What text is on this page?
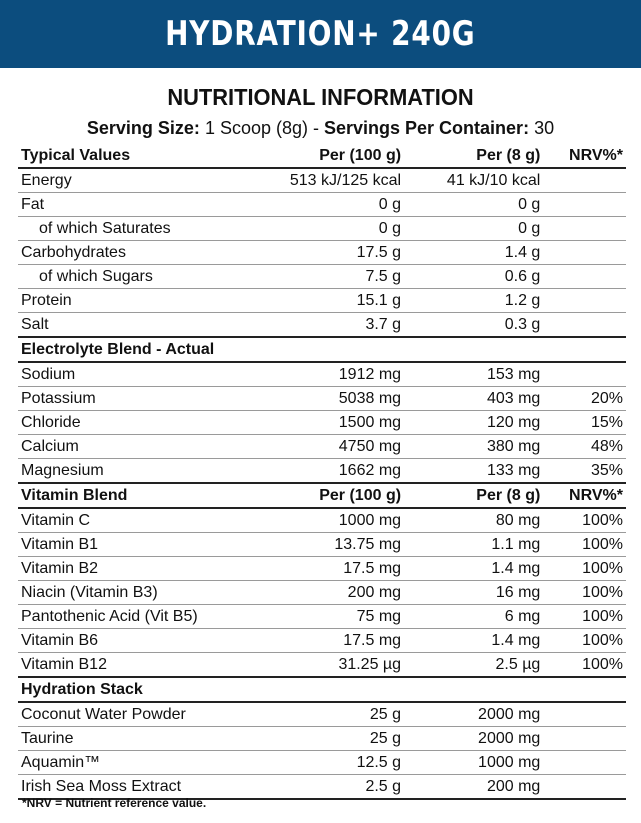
HYDRATION+ 240G
NUTRITIONAL INFORMATION
Serving Size: 1 Scoop (8g) - Servings Per Container: 30
Typical Values	Per (100 g)	Per (8 g)	NRV%*
Energy	513 kJ/125 kcal	41 kJ/10 kcal	
Fat	0 g	0 g	
of which Saturates	0 g	0 g	
Carbohydrates	17.5 g	1.4 g	
of which Sugars	7.5 g	0.6 g	
Protein	15.1 g	1.2 g	
Salt	3.7 g	0.3 g	
Electrolyte Blend - Actual			
Sodium	1912 mg	153 mg	
Potassium	5038 mg	403 mg	20%
Chloride	1500 mg	120 mg	15%
Calcium	4750 mg	380 mg	48%
Magnesium	1662 mg	133 mg	35%
Vitamin Blend	Per (100 g)	Per (8 g)	NRV%*
Vitamin C	1000 mg	80 mg	100%
Vitamin B1	13.75 mg	1.1 mg	100%
Vitamin B2	17.5 mg	1.4 mg	100%
Niacin (Vitamin B3)	200 mg	16 mg	100%
Pantothenic Acid (Vit B5)	75 mg	6 mg	100%
Vitamin B6	17.5 mg	1.4 mg	100%
Vitamin B12	31.25 µg	2.5 µg	100%
Hydration Stack			
Coconut Water Powder	25 g	2000 mg	
Taurine	25 g	2000 mg	
Aquamin™	12.5 g	1000 mg	
Irish Sea Moss Extract	2.5 g	200 mg	
*NRV = Nutrient reference value.
